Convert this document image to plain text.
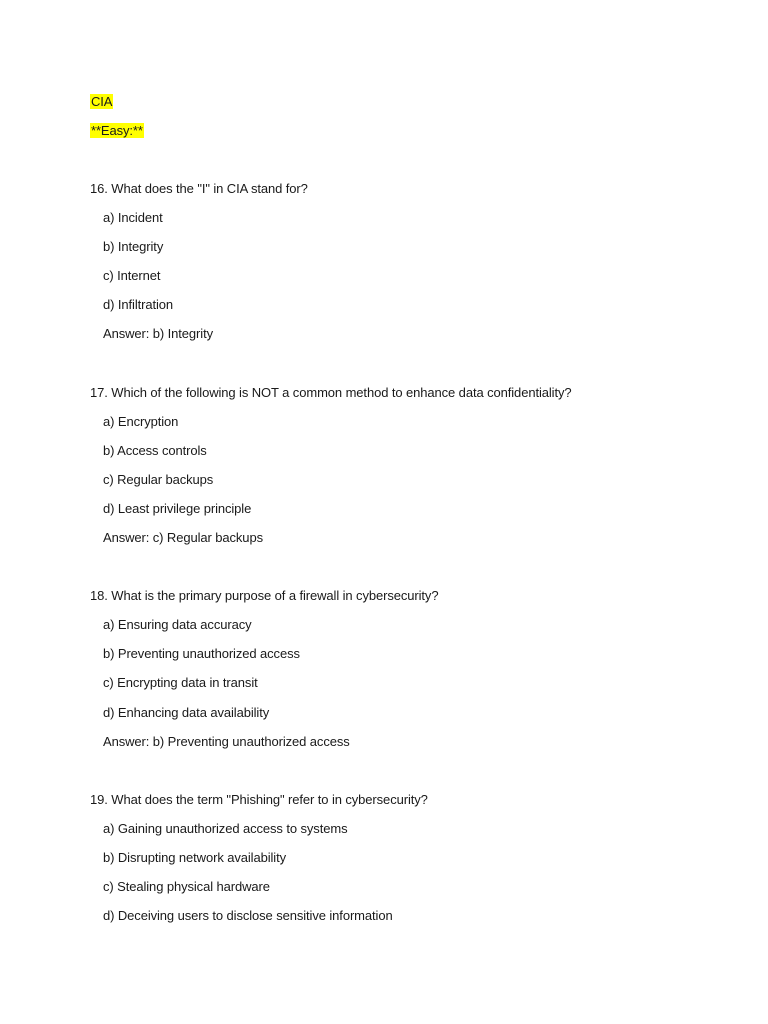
CIA
**Easy:**
16. What does the "I" in CIA stand for?
a) Incident
b) Integrity
c) Internet
d) Infiltration
Answer: b) Integrity
17. Which of the following is NOT a common method to enhance data confidentiality?
a) Encryption
b) Access controls
c) Regular backups
d) Least privilege principle
Answer: c) Regular backups
18. What is the primary purpose of a firewall in cybersecurity?
a) Ensuring data accuracy
b) Preventing unauthorized access
c) Encrypting data in transit
d) Enhancing data availability
Answer: b) Preventing unauthorized access
19. What does the term "Phishing" refer to in cybersecurity?
a) Gaining unauthorized access to systems
b) Disrupting network availability
c) Stealing physical hardware
d) Deceiving users to disclose sensitive information
